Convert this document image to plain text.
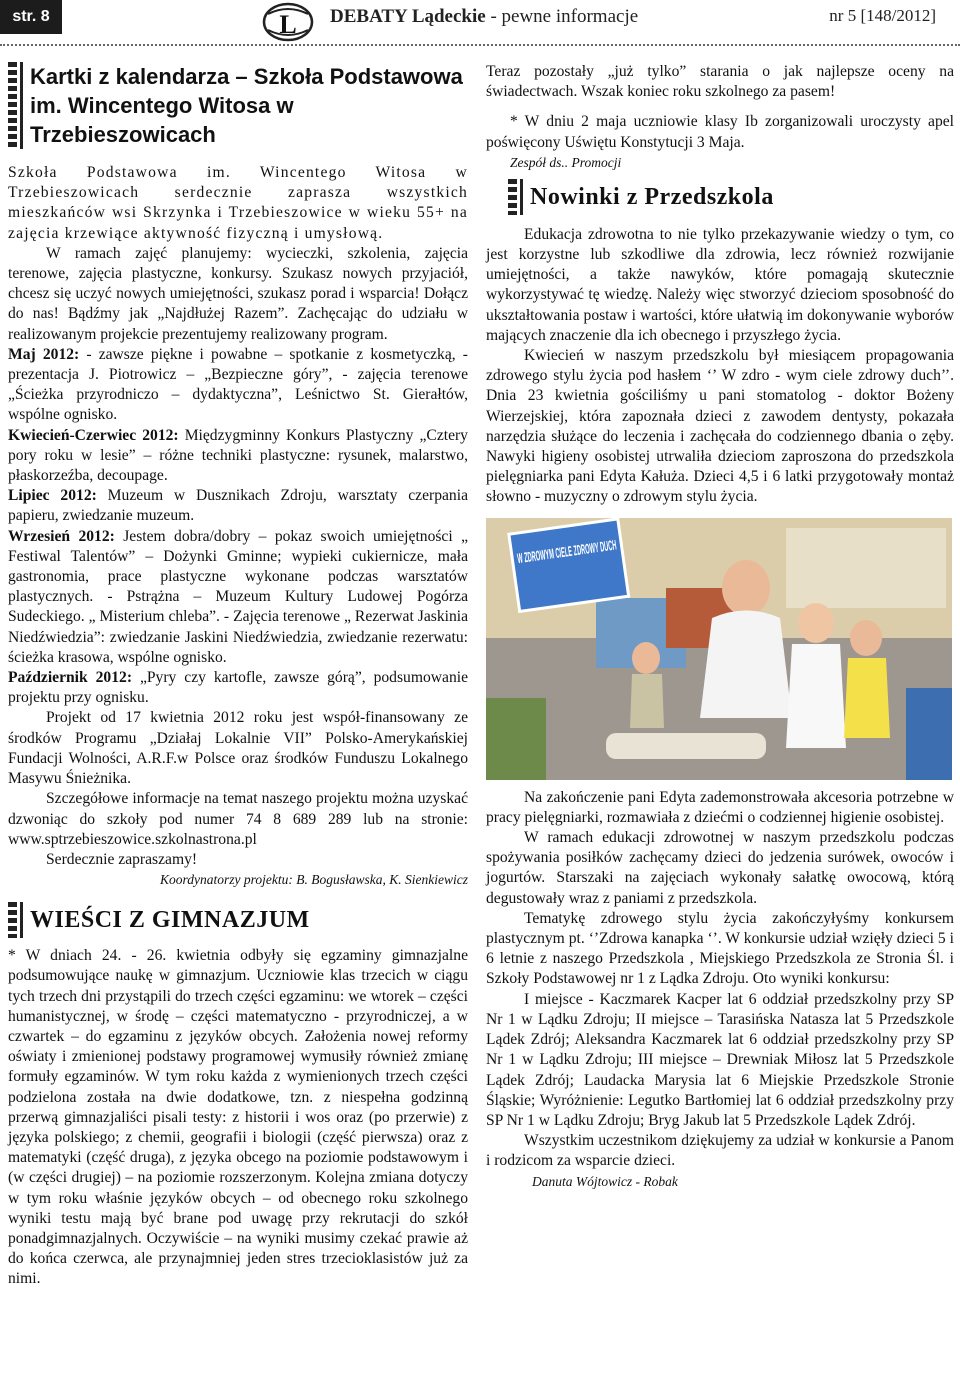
str. 8	L DEBATY Lądeckie - pewne informacje	nr 5 [148/2012]
Kartki z kalendarza – Szkoła Podstawowa
im. Wincentego Witosa w Trzebieszowicach

Szkoła Podstawowa im. Wincentego Witosa w Trzebieszowicach serdecznie zaprasza wszystkich mieszkańców wsi Skrzynka i Trzebieszowice w wieku 55+ na zajęcia krzewiące aktywność fizyczną i umysłową.

W ramach zajęć planujemy: wycieczki, szkolenia, zajęcia terenowe, zajęcia plastyczne, konkursy. Szukasz nowych przyjaciół, chcesz się uczyć nowych umiejętności, szukasz porad i wsparcia! Dołącz do nas! Bądźmy jak „Najdłużej Razem”. Zachęcając do udziału w realizowanym projekcie prezentujemy realizowany program.

Maj 2012: - zawsze piękne i powabne – spotkanie z kosmetyczką, - prezentacja J. Piotrowicz – „Bezpieczne góry”, - zajęcia terenowe „Ścieżka przyrodniczo – dydaktyczna”, Leśnictwo St. Gierałtów, wspólne ognisko.

Kwiecień-Czerwiec 2012: Międzygminny Konkurs Plastyczny „Cztery pory roku w lesie” – różne techniki plastyczne: rysunek, malarstwo, płaskorzeźba, decoupage.

Lipiec 2012: Muzeum w Dusznikach Zdroju, warsztaty czerpania papieru, zwiedzanie muzeum.

Wrzesień 2012: Jestem dobra/dobry – pokaz swoich umiejętności „ Festiwal Talentów” – Dożynki Gminne; wypieki cukiernicze, mała gastronomia, prace plastyczne wykonane podczas warsztatów plastycznych. - Pstrążna – Muzeum Kultury Ludowej Pogórza Sudeckiego. „ Misterium chleba”. - Zajęcia terenowe „ Rezerwat Jaskinia Niedźwiedzia”: zwiedzanie Jaskini Niedźwiedzia, zwiedzanie rezerwatu: ścieżka krasowa, wspólne ognisko.

Październik 2012: „Pyry czy kartofle, zawsze górą”, podsumowanie projektu przy ognisku.

Projekt od 17 kwietnia 2012 roku jest współ-finansowany ze środków Programu „Działaj Lokalnie VII” Polsko-Amerykańskiej Fundacji Wolności, A.R.F.w Polsce oraz środków Funduszu Lokalnego Masywu Śnieżnika.

Szczegółowe informacje na temat naszego projektu można uzyskać dzwoniąc do szkoły pod numer 74 8 689 289 lub na stronie: www.sptrzebieszowice.szkolnastrona.pl

Serdecznie zapraszamy!

Koordynatorzy projektu: B. Bogusławska, K. Sienkiewicz
WIEŚCI Z GIMNAZJUM

* W dniach 24. - 26. kwietnia odbyły się egzaminy gimnazjalne podsumowujące naukę w gimnazjum. Uczniowie klas trzecich w ciągu tych trzech dni przystąpili do trzech części egzaminu: we wtorek – części humanistycznej, w środę – części matematyczno - przyrodniczej, a w czwartek – do egzaminu z języków obcych. Założenia nowej reformy oświaty i zmienionej podstawy programowej wymusiły również zmianę formuły egzaminów. W tym roku każda z wymienionych trzech części podzielona została na dwie dodatkowe, tzn. z niespełna godzinną przerwą gimnazjaliści pisali testy: z historii i wos oraz (po przerwie) z języka polskiego; z chemii, geografii i biologii (część pierwsza) oraz z matematyki (część druga), z języka obcego na poziomie podstawowym i (w części drugiej) – na poziomie rozszerzonym. Kolejna zmiana dotyczy w tym roku właśnie języków obcych – od obecnego roku szkolnego wyniki testu mają być brane pod uwagę przy rekrutacji do szkół ponadgimnazjalnych. Oczywiście – na wyniki musimy czekać prawie aż do końca czerwca, ale przynajmniej jeden stres trzecioklasistów już za nimi.

Teraz pozostały „już tylko” starania o jak najlepsze oceny na świadectwach. Wszak koniec roku szkolnego za pasem!

* W dniu 2 maja uczniowie klasy Ib zorganizowali uroczysty apel poświęcony Uświętu Konstytucji 3 Maja.

Zespół ds.. Promocji
Nowinki z Przedszkola

Edukacja zdrowotna to nie tylko przekazywanie wiedzy o tym, co jest korzystne lub szkodliwe dla zdrowia, lecz również rozwijanie umiejętności, a także nawyków, które pomagają skutecznie wykorzystywać tę wiedzę. Należy więc stworzyć dzieciom sposobność do ukształtowania postaw i wartości, które ułatwią im dokonywanie wyborów mających znaczenie dla ich obecnego i przyszłego życia.

Kwiecień w naszym przedszkolu był miesiącem propagowania zdrowego stylu życia pod hasłem ‘’ W zdro - wym ciele zdrowy duch’’. Dnia 23 kwietnia gościliśmy u pani stomatolog - doktor Bożeny Wierzejskiej, która zapoznała dzieci z zawodem dentysty, pokazała narzędzia służące do leczenia i zachęcała do codziennego dbania o zęby. Nawyki higieny osobistej utrwaliła dzieciom zaproszona do przedszkola pielęgniarka pani Edyta Kałuża. Dzieci 4,5 i 6 latki przygotowały montaż słowno - muzyczny o zdrowym stylu życia.

Na zakończenie pani Edyta zademonstrowała akcesoria potrzebne w pracy pielęgniarki, rozmawiała z dziećmi o codziennej higienie osobistej.

W ramach edukacji zdrowotnej w naszym przedszkolu podczas spożywania posiłków zachęcamy dzieci do jedzenia surówek, owoców i jogurtów. Starszaki na zajęciach wykonały sałatkę owocową, którą degustowały wraz z paniami z przedszkola.

Tematykę zdrowego stylu życia zakończyłyśmy konkursem plastycznym pt. ‘’Zdrowa kanapka ‘’. W konkursie udział wzięły dzieci 5 i 6 letnie z naszego Przedszkola , Miejskiego Przedszkola ze Stronia Śl. i Szkoły Podstawowej nr 1 z Lądka Zdroju. Oto wyniki konkursu:

I miejsce - Kaczmarek Kacper lat 6 oddział przedszkolny przy SP Nr 1 w Lądku Zdroju; II miejsce – Tarasińska Natasza lat 5 Przedszkole Lądek Zdrój; Aleksandra Kaczmarek lat 6 oddział przedszkolny przy SP Nr 1 w Lądku Zdroju; III miejsce – Drewniak Miłosz lat 5 Przedszkole Lądek Zdrój; Laudacka Marysia lat 6 Miejskie Przedszkole Stronie Śląskie; Wyróżnienie: Legutko Bartłomiej lat 6 oddział przedszkolny przy SP Nr 1 w Lądku Zdroju; Bryg Jakub lat 5 Przedszkole Lądek Zdrój.

Wszystkim uczestnikom dziękujemy za udział w konkursie a Panom i rodzicom za wsparcie dzieci.

Danuta Wójtowicz - Robak
